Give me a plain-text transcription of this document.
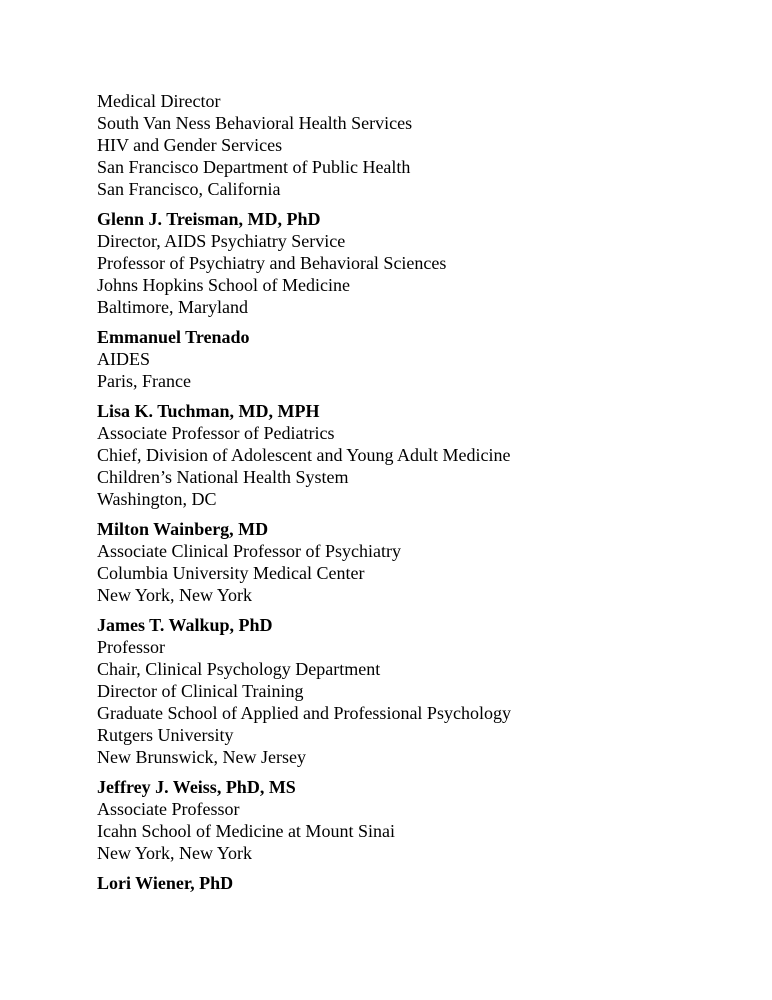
Medical Director
South Van Ness Behavioral Health Services
HIV and Gender Services
San Francisco Department of Public Health
San Francisco, California
Glenn J. Treisman, MD, PhD
Director, AIDS Psychiatry Service
Professor of Psychiatry and Behavioral Sciences
Johns Hopkins School of Medicine
Baltimore, Maryland
Emmanuel Trenado
AIDES
Paris, France
Lisa K. Tuchman, MD, MPH
Associate Professor of Pediatrics
Chief, Division of Adolescent and Young Adult Medicine
Children’s National Health System
Washington, DC
Milton Wainberg, MD
Associate Clinical Professor of Psychiatry
Columbia University Medical Center
New York, New York
James T. Walkup, PhD
Professor
Chair, Clinical Psychology Department
Director of Clinical Training
Graduate School of Applied and Professional Psychology
Rutgers University
New Brunswick, New Jersey
Jeffrey J. Weiss, PhD, MS
Associate Professor
Icahn School of Medicine at Mount Sinai
New York, New York
Lori Wiener, PhD
